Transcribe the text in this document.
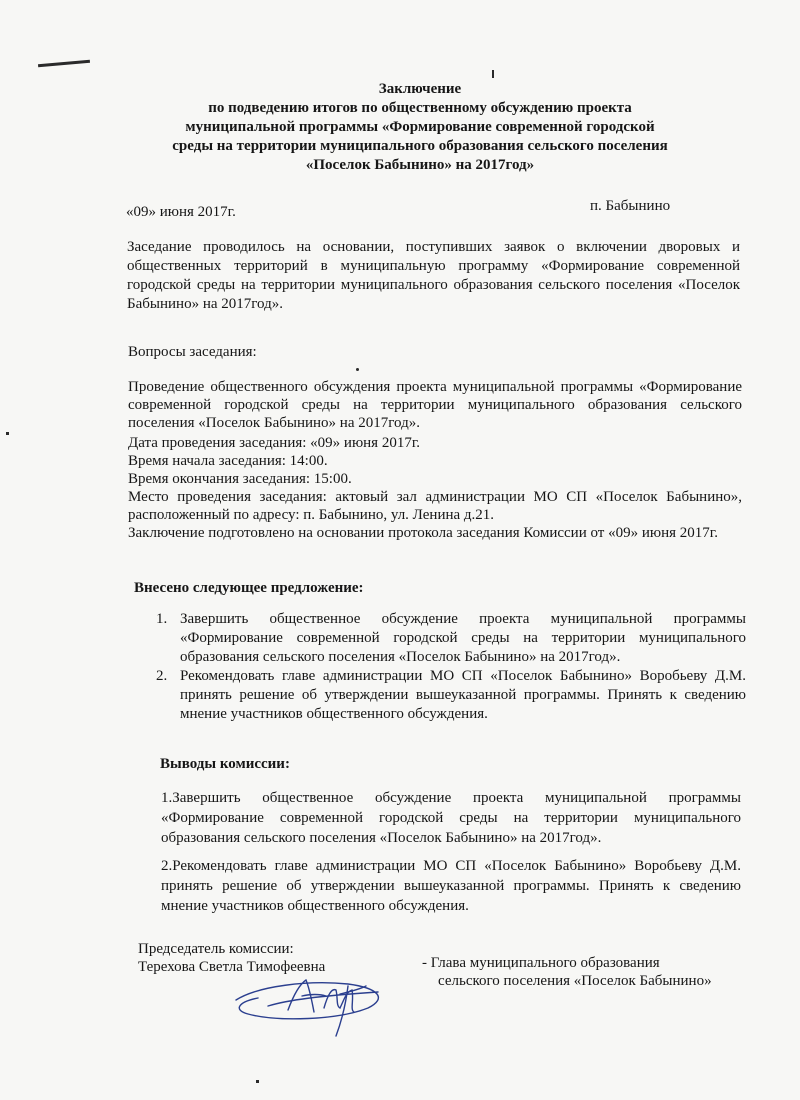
Заключение
по подведению итогов по общественному обсуждению проекта
муниципальной программы «Формирование современной городской
среды на территории муниципального образования сельского поселения
«Поселок Бабынино» на 2017год»
«09» июня 2017г.	п. Бабынино
Заседание проводилось на основании, поступивших заявок о включении дворовых и общественных территорий в муниципальную программу «Формирование современной городской среды на территории муниципального образования сельского поселения «Поселок Бабынино» на 2017год».
Вопросы заседания:
Проведение общественного обсуждения проекта муниципальной программы «Формирование современной городской среды на территории муниципального образования сельского поселения «Поселок Бабынино» на 2017год».
Дата проведения заседания: «09» июня 2017г.
Время начала заседания: 14:00.
Время окончания заседания: 15:00.
Место проведения заседания: актовый зал администрации МО СП «Поселок Бабынино», расположенный по адресу: п. Бабынино, ул. Ленина д.21.
Заключение подготовлено на основании протокола заседания Комиссии от «09» июня 2017г.
Внесено следующее предложение:
1. Завершить общественное обсуждение проекта муниципальной программы «Формирование современной городской среды на территории муниципального образования сельского поселения «Поселок Бабынино» на 2017год».
2. Рекомендовать главе администрации МО СП «Поселок Бабынино» Воробьеву Д.М. принять решение об утверждении вышеуказанной программы. Принять к сведению мнение участников общественного обсуждения.
Выводы комиссии:
1.Завершить общественное обсуждение проекта муниципальной программы «Формирование современной городской среды на территории муниципального образования сельского поселения «Поселок Бабынино» на 2017год».
2.Рекомендовать главе администрации МО СП «Поселок Бабынино» Воробьеву Д.М. принять решение об утверждении вышеуказанной программы. Принять к сведению мнение участников общественного обсуждения.
Председатель комиссии:
Терехова Светла Тимофеевна	- Глава муниципального образования
сельского поселения «Поселок Бабынино»
